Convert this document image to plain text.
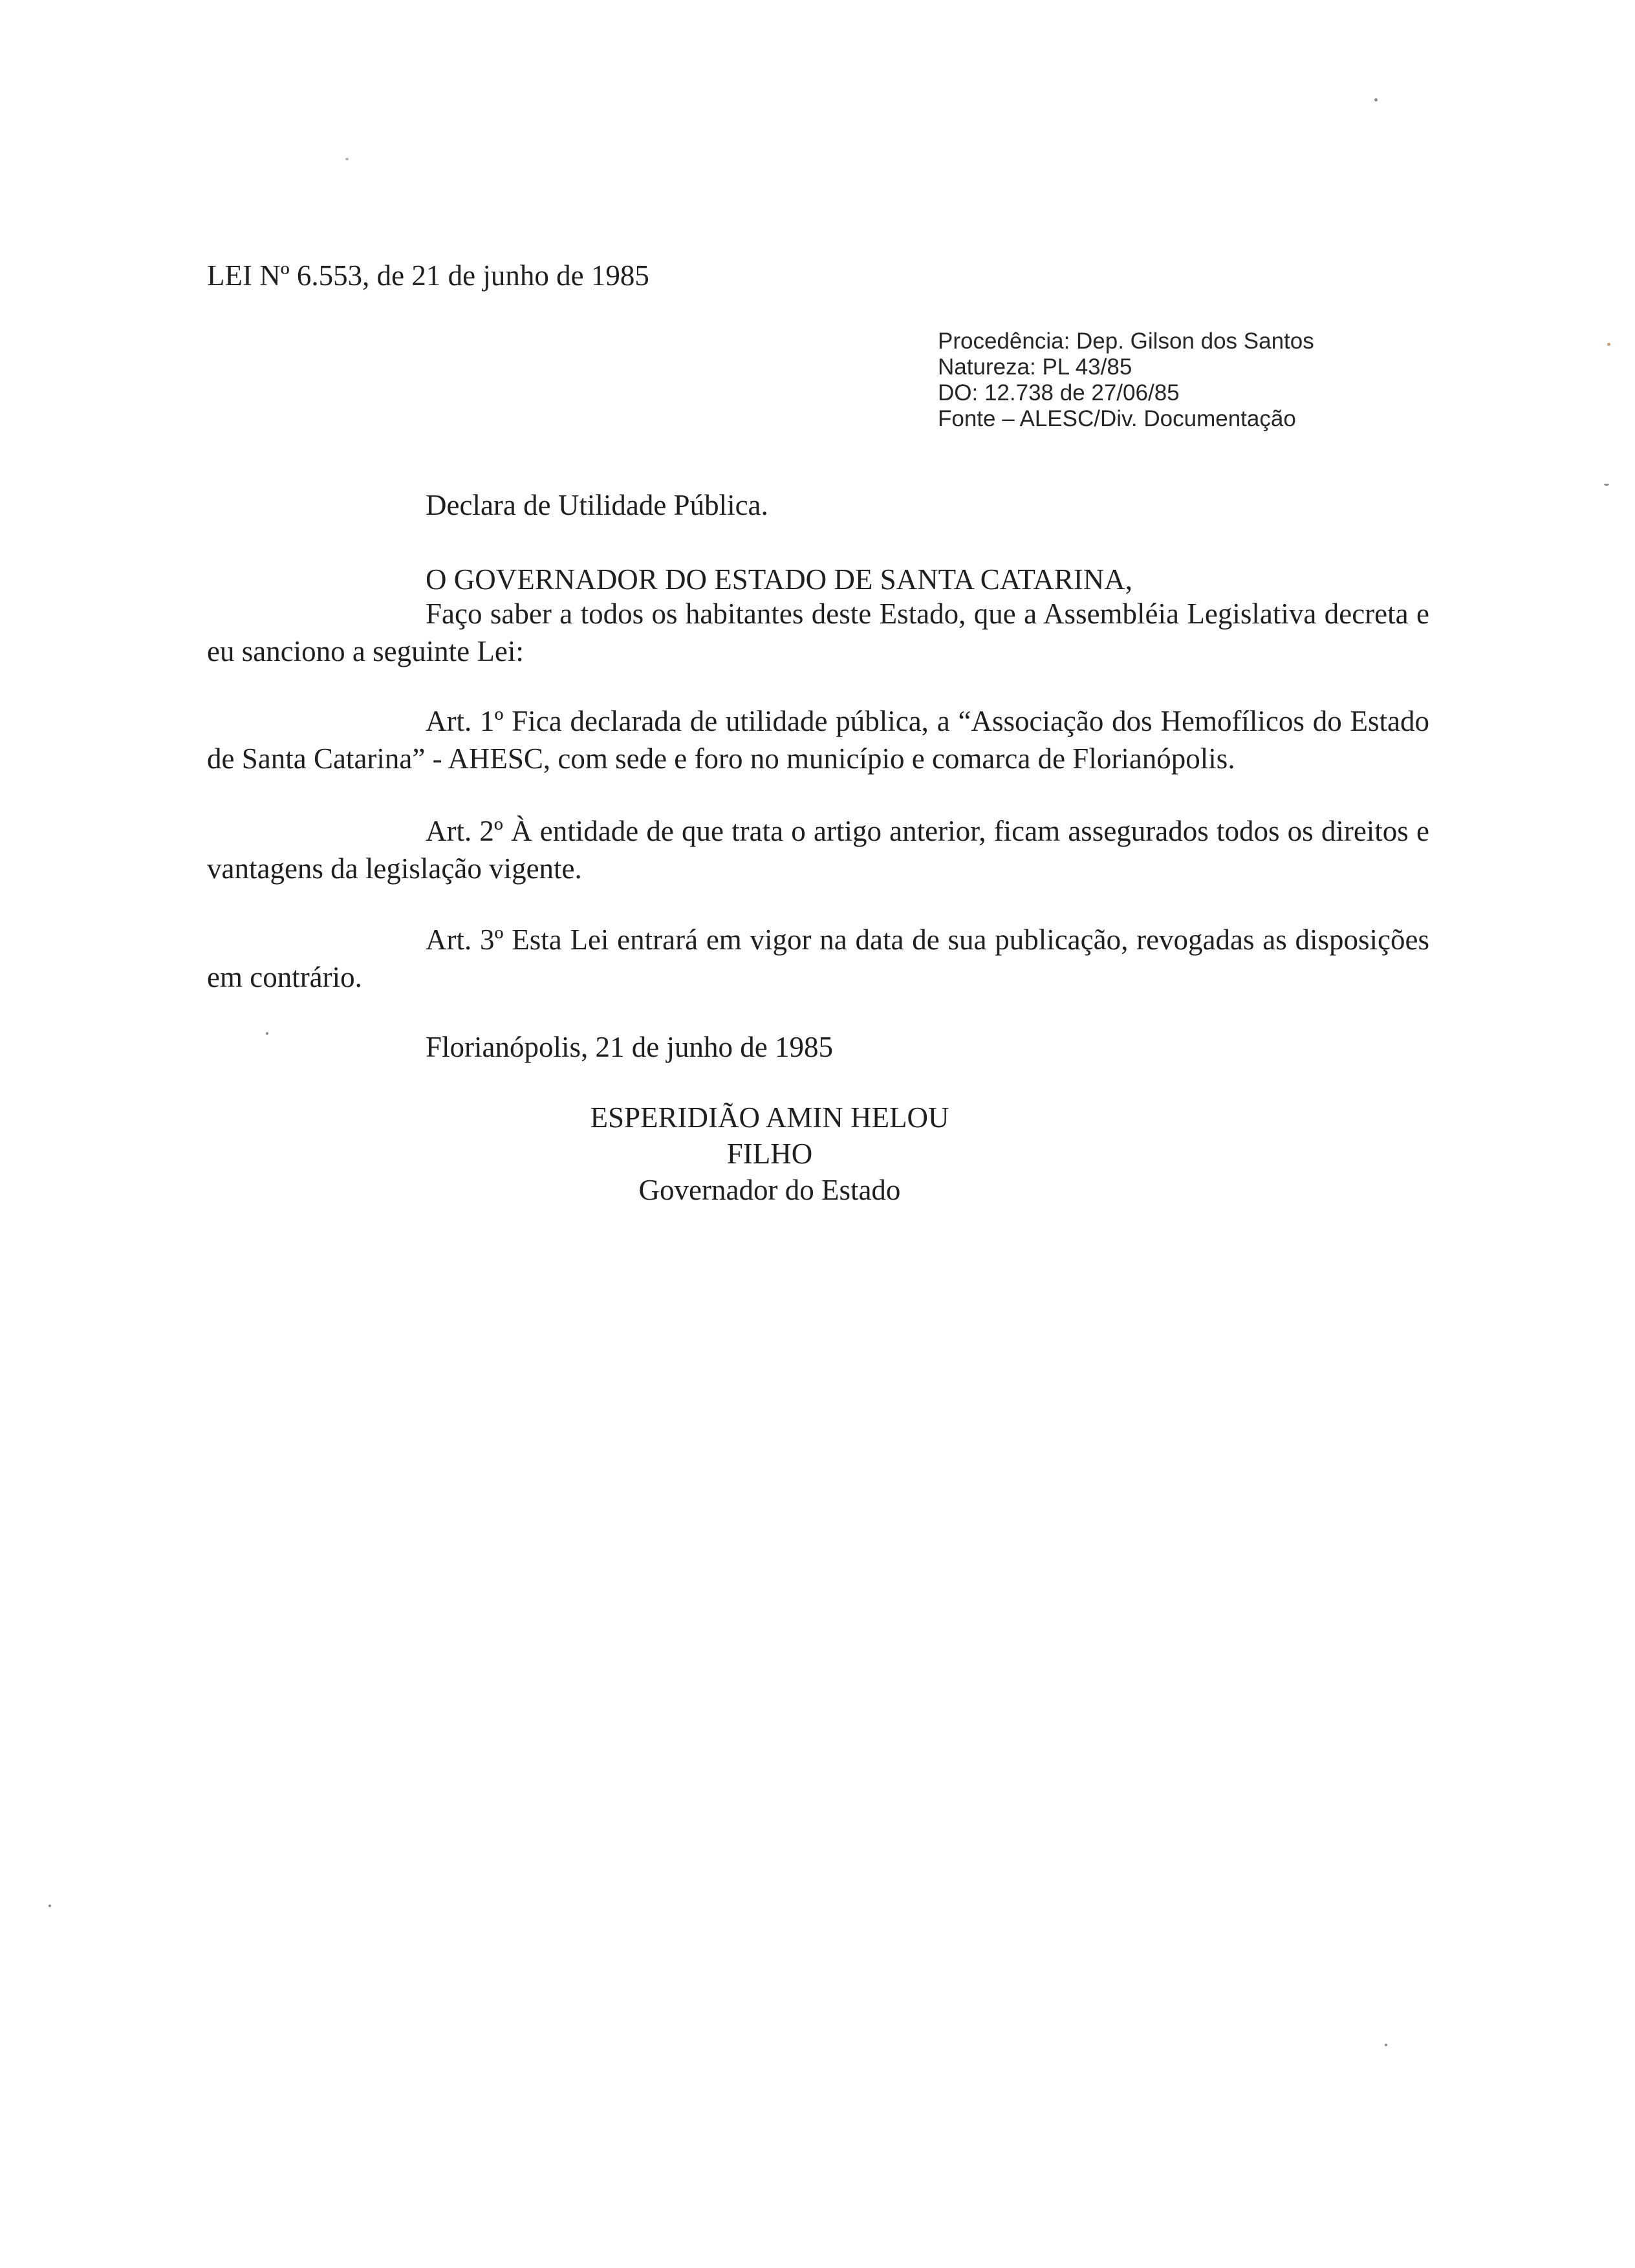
LEI Nº 6.553, de 21 de junho de 1985
Procedência: Dep. Gilson dos Santos
Natureza: PL 43/85
DO: 12.738 de 27/06/85
Fonte – ALESC/Div. Documentação
Declara de Utilidade Pública.
O GOVERNADOR DO ESTADO DE SANTA CATARINA,
Faço saber a todos os habitantes deste Estado, que a Assembléia Legislativa decreta e eu sanciono a seguinte Lei:
Art. 1º Fica declarada de utilidade pública, a “Associação dos Hemofílicos do Estado de Santa Catarina” - AHESC, com sede e foro no município e comarca de Florianópolis.
Art. 2º À entidade de que trata o artigo anterior, ficam assegurados todos os direitos e vantagens da legislação vigente.
Art. 3º Esta Lei entrará em vigor na data de sua publicação, revogadas as disposições em contrário.
Florianópolis, 21 de junho de 1985
ESPERIDIÃO AMIN HELOU FILHO
Governador do Estado
